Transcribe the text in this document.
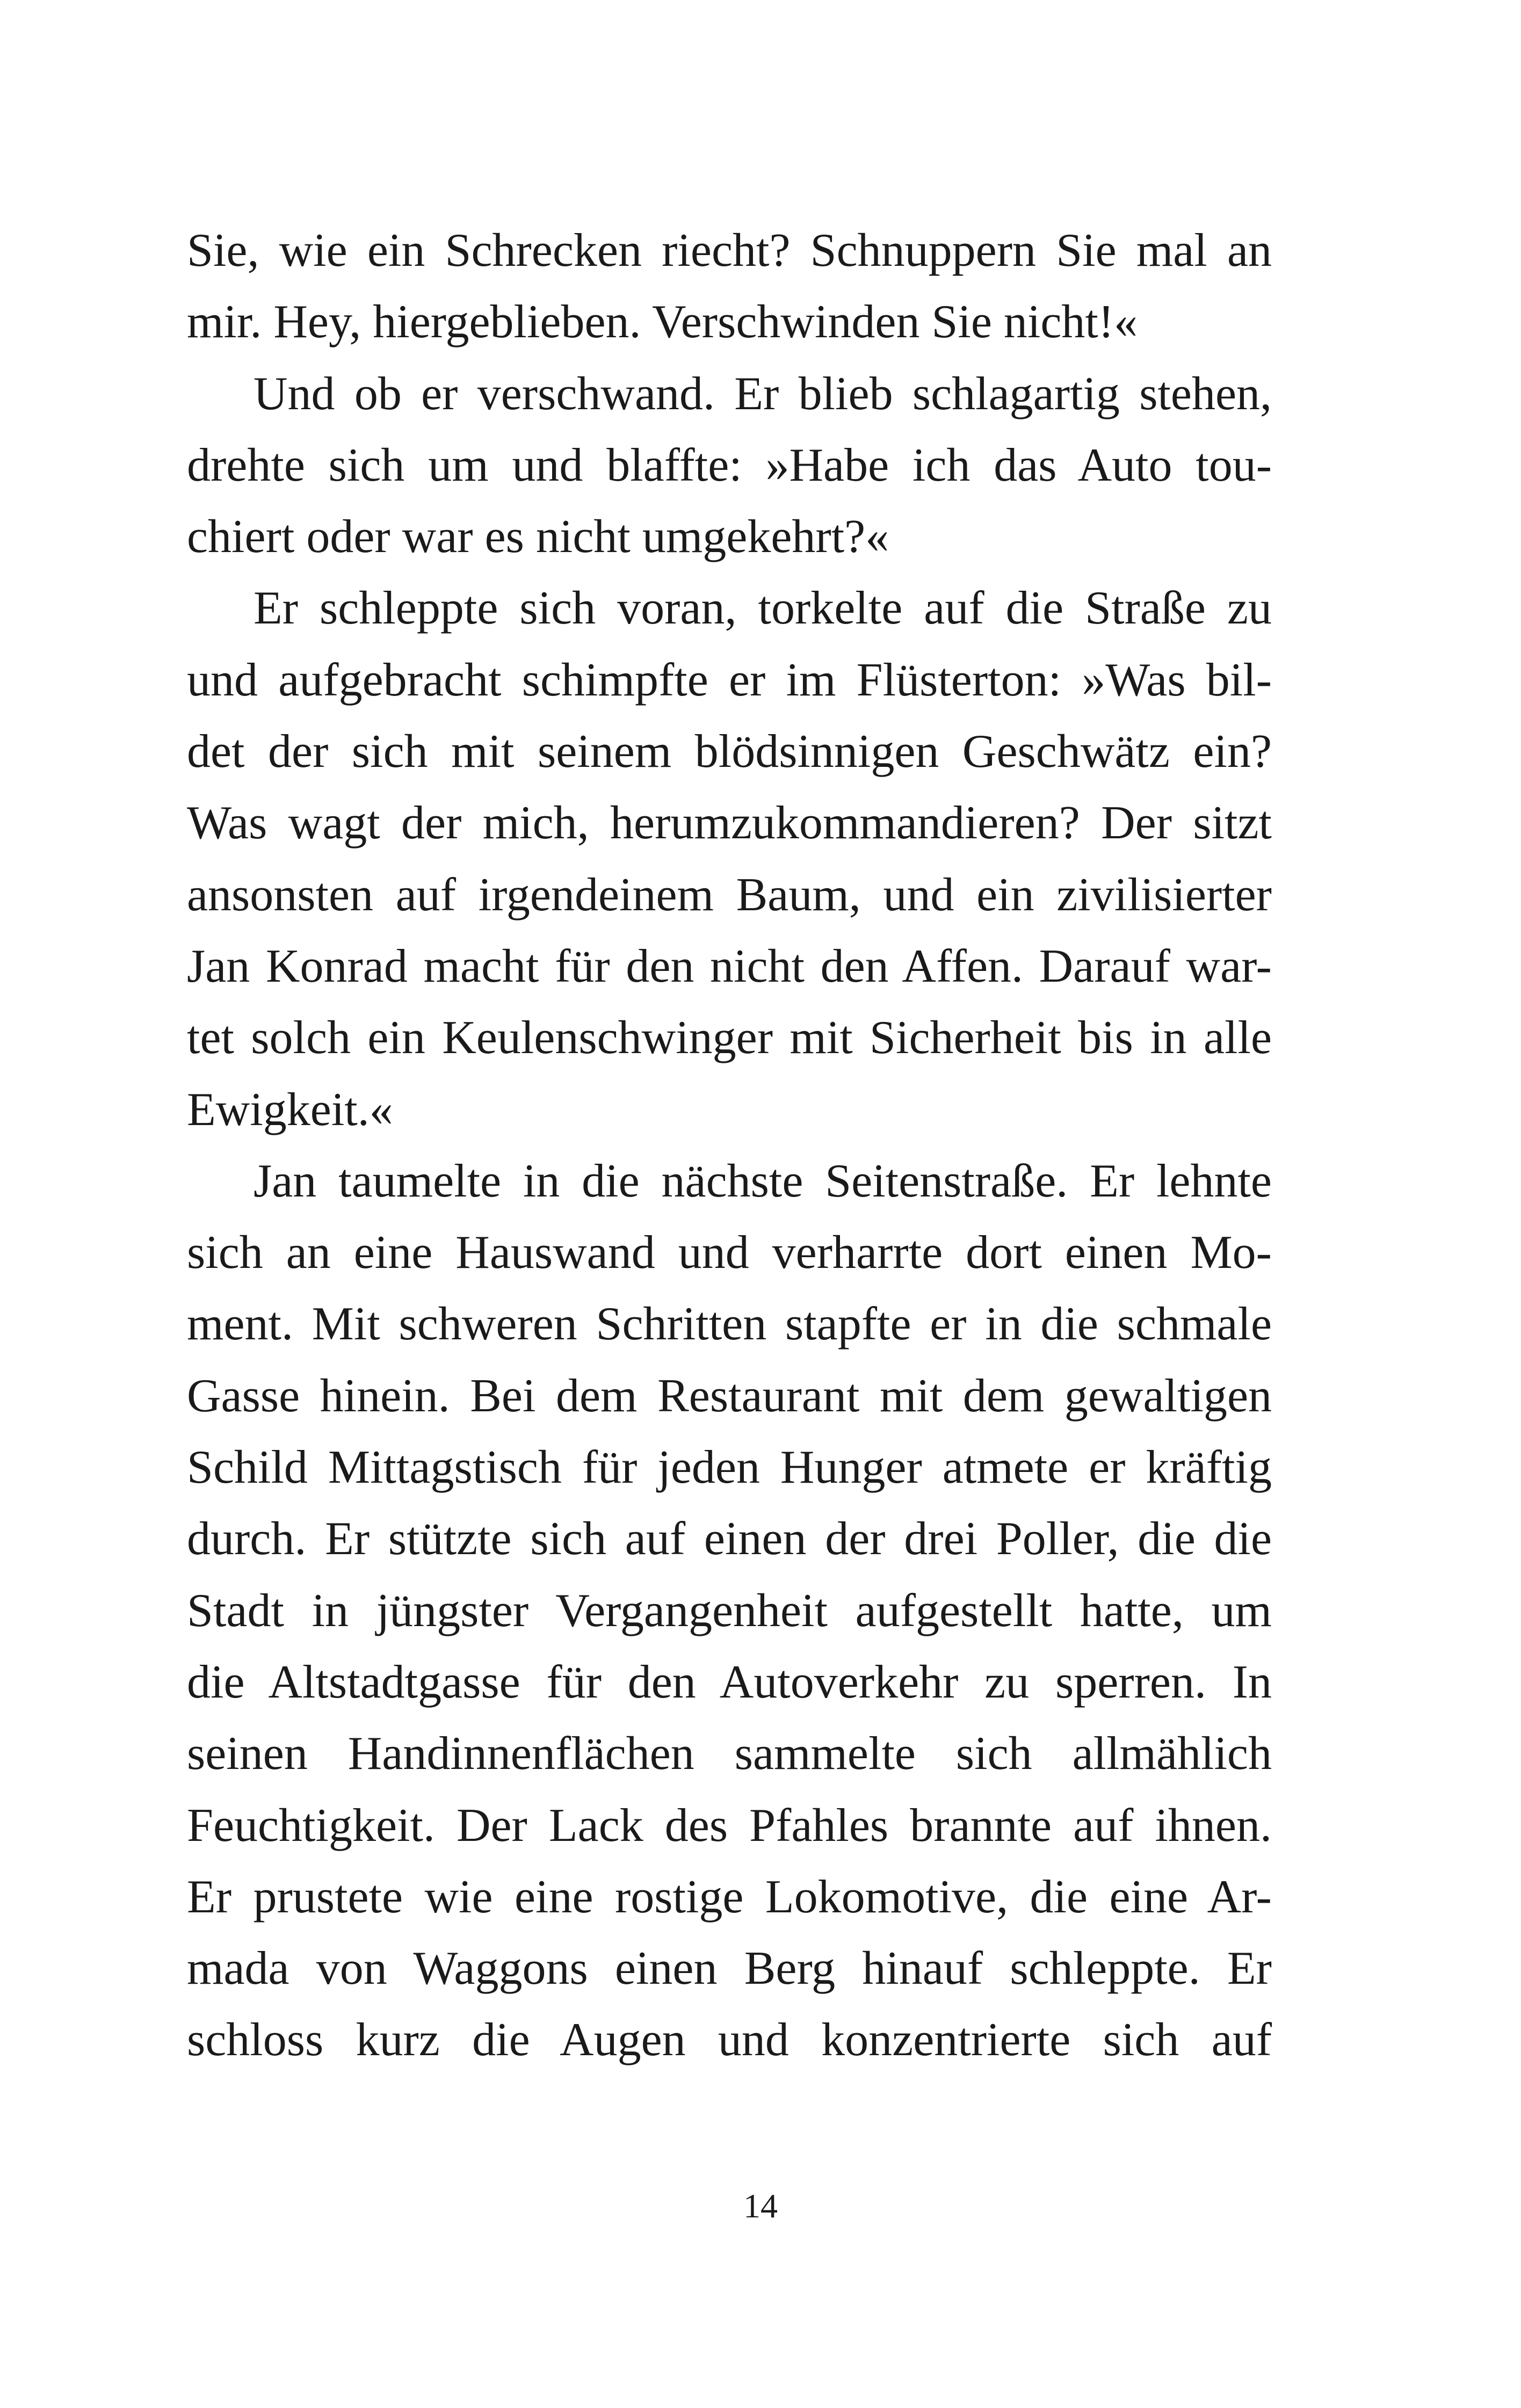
Sie, wie ein Schrecken riecht? Schnuppern Sie mal an
mir. Hey, hiergeblieben. Verschwinden Sie nicht!«
Und ob er verschwand. Er blieb schlagartig stehen,
drehte sich um und blaffte: »Habe ich das Auto tou-
chiert oder war es nicht umgekehrt?«
Er schleppte sich voran, torkelte auf die Straße zu
und aufgebracht schimpfte er im Flüsterton: »Was bil-
det der sich mit seinem blödsinnigen Geschwätz ein?
Was wagt der mich, herumzukommandieren? Der sitzt
ansonsten auf irgendeinem Baum, und ein zivilisierter
Jan Konrad macht für den nicht den Affen. Darauf war-
tet solch ein Keulenschwinger mit Sicherheit bis in alle
Ewigkeit.«
Jan taumelte in die nächste Seitenstraße. Er lehnte
sich an eine Hauswand und verharrte dort einen Mo-
ment. Mit schweren Schritten stapfte er in die schmale
Gasse hinein. Bei dem Restaurant mit dem gewaltigen
Schild Mittagstisch für jeden Hunger atmete er kräftig
durch. Er stützte sich auf einen der drei Poller, die die
Stadt in jüngster Vergangenheit aufgestellt hatte, um
die Altstadtgasse für den Autoverkehr zu sperren. In
seinen Handinnenflächen sammelte sich allmählich
Feuchtigkeit. Der Lack des Pfahles brannte auf ihnen.
Er prustete wie eine rostige Lokomotive, die eine Ar-
mada von Waggons einen Berg hinauf schleppte. Er
schloss kurz die Augen und konzentrierte sich auf
14
